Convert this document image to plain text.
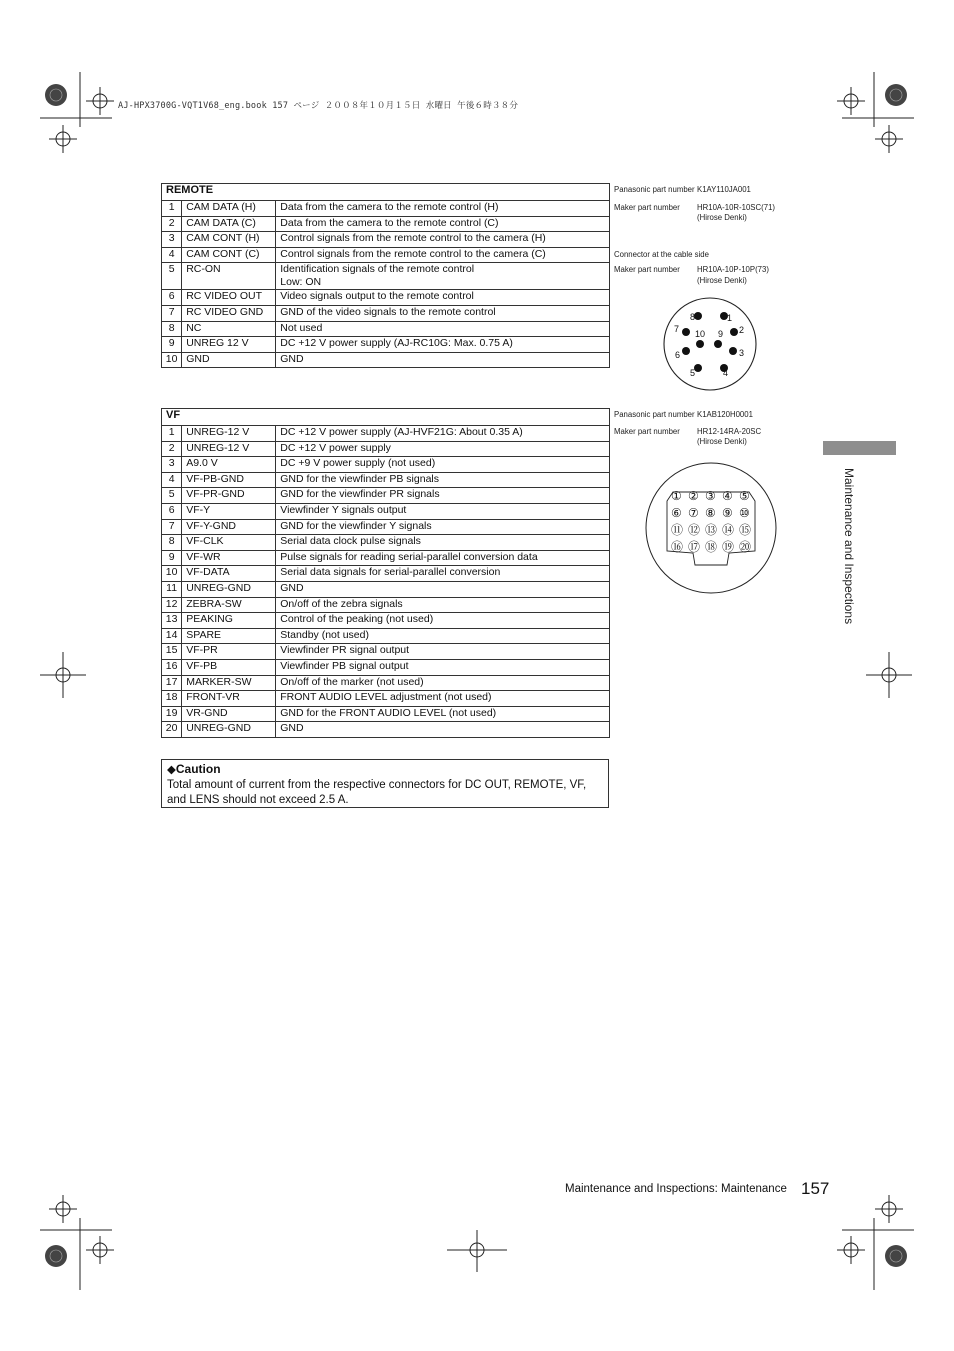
AJ-HPX3700G-VQT1V68_eng.book 157 ページ ２００８年１０月１５日 水曜日 午後６時３８分
REMOTE		
1	CAM DATA (H)	Data from the camera to the remote control (H)
2	CAM DATA (C)	Data from the camera to the remote control (C)
3	CAM CONT (H)	Control signals from the remote control to the camera (H)
4	CAM CONT (C)	Control signals from the remote control to the camera (C)
5	RC-ON	Identification signals of the remote control
Low: ON

6	RC VIDEO OUT	Video signals output to the remote control
7	RC VIDEO GND	GND of the video signals to the remote control
8	NC	Not used
9	UNREG 12 V	DC +12 V power supply (AJ-RC10G: Max. 0.75 A)
10	GND	GND
Panasonic part number K1AY110JA001
Maker part number HR10A-10R-10SC(71)
(Hirose Denki)
Connector at the cable side
Maker part number HR10A-10P-10P(73)
(Hirose Denki)
1
2
3
4
5
6
7
8
9
10
VF		
1	UNREG-12 V	DC +12 V power supply (AJ-HVF21G: About 0.35 A)
2	UNREG-12 V	DC +12 V power supply
3	A9.0 V	DC +9 V power supply (not used)
4	VF-PB-GND	GND for the viewfinder PB signals
5	VF-PR-GND	GND for the viewfinder PR signals
6	VF-Y	Viewfinder Y signals output
7	VF-Y-GND	GND for the viewfinder Y signals
8	VF-CLK	Serial data clock pulse signals
9	VF-WR	Pulse signals for reading serial-parallel conversion data
10	VF-DATA	Serial data signals for serial-parallel conversion
11	UNREG-GND	GND
12	ZEBRA-SW	On/off of the zebra signals
13	PEAKING	Control of the peaking (not used)
14	SPARE	Standby (not used)
15	VF-PR	Viewfinder PR signal output
16	VF-PB	Viewfinder PB signal output
17	MARKER-SW	On/off of the marker (not used)
18	FRONT-VR	FRONT AUDIO LEVEL adjustment (not used)
19	VR-GND	GND for the FRONT AUDIO LEVEL (not used)
20	UNREG-GND	GND
Panasonic part number K1AB120H0001
Maker part number HR12-14RA-20SC
(Hirose Denki)
① ② ③ ④ ⑤
⑥ ⑦ ⑧ ⑨ ⑩
⑪ ⑫ ⑬ ⑭ ⑮
⑯ ⑰ ⑱ ⑲ ⑳
◆Caution
Total amount of current from the respective connectors for DC OUT, REMOTE, VF, and LENS should not exceed 2.5 A.
Maintenance and Inspections
Maintenance and Inspections: Maintenance 157
